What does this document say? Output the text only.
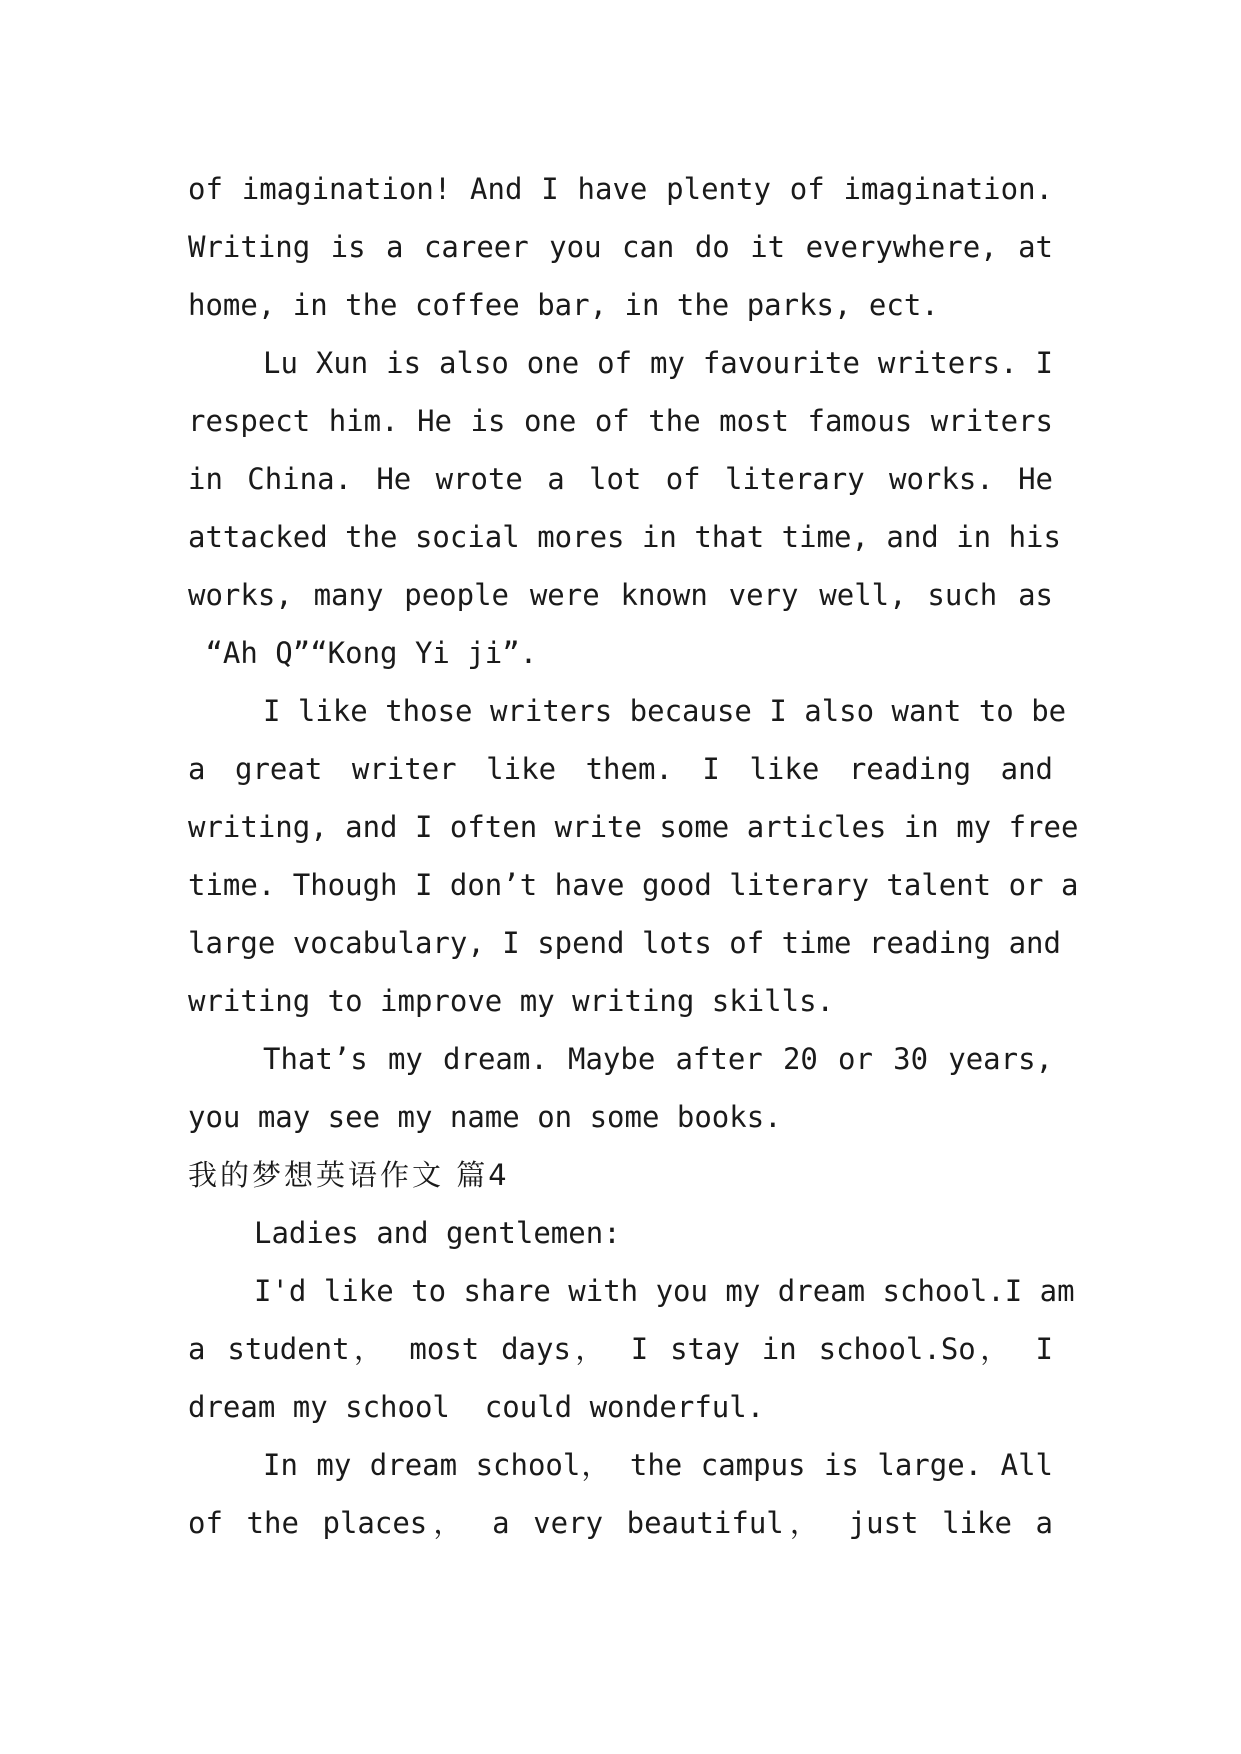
of imagination! And I have plenty of imagination.
Writing is a career you can do it everywhere, at
home, in the coffee bar, in the parks, ect.
Lu Xun is also one of my favourite writers. I
respect him. He is one of the most famous writers
in China. He wrote a lot of literary works. He
attacked the social mores in that time, and in his
works, many people were known very well, such as
“Ah Q”“Kong Yi ji”.
I like those writers because I also want to be
a great writer like them. I like reading and
writing, and I often write some articles in my free
time. Though I don’t have good literary talent or a
large vocabulary, I spend lots of time reading and
writing to improve my writing skills.
That’s my dream. Maybe after 20 or 30 years,
you may see my name on some books.
我的梦想英语作文 篇4
Ladies and gentlemen:
I'd like to share with you my dream school.I am
a student， most days， I stay in school.So， I
dream my school  could wonderful.
In my dream school， the campus is large. All
of the places， a very beautiful， just like a
